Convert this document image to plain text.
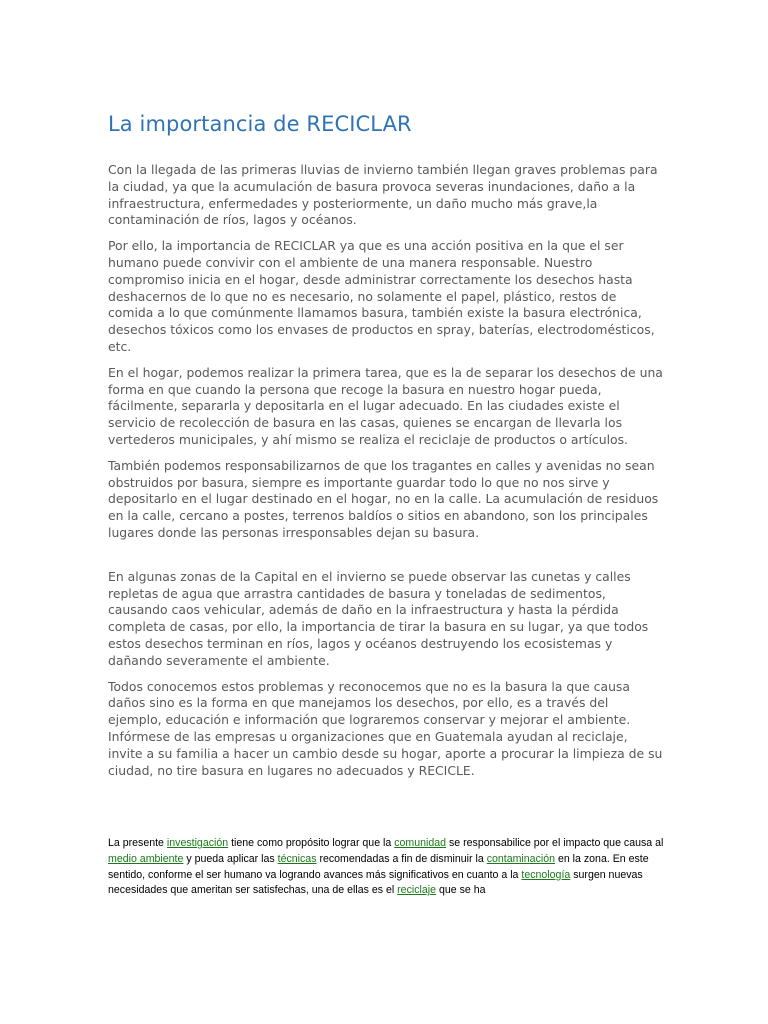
La importancia de RECICLAR

Con la llegada de las primeras lluvias de invierno también llegan graves problemas para la ciudad, ya que la acumulación de basura provoca severas inundaciones, daño a la infraestructura, enfermedades y posteriormente, un daño mucho más grave,la contaminación de ríos, lagos y océanos.

Por ello, la importancia de RECICLAR ya que es una acción positiva en la que el ser humano puede convivir con el ambiente de una manera responsable. Nuestro compromiso inicia en el hogar, desde administrar correctamente los desechos hasta deshacernos de lo que no es necesario, no solamente el papel, plástico, restos de comida a lo que comúnmente llamamos basura, también existe la basura electrónica, desechos tóxicos como los envases de productos en spray, baterías, electrodomésticos, etc.

En el hogar, podemos realizar la primera tarea, que es la de separar los desechos de una forma en que cuando la persona que recoge la basura en nuestro hogar pueda, fácilmente, separarla y depositarla en el lugar adecuado. En las ciudades existe el servicio de recolección de basura en las casas, quienes se encargan de llevarla los vertederos municipales, y ahí mismo se realiza el reciclaje de productos o artículos.

También podemos responsabilizarnos de que los tragantes en calles y avenidas no sean obstruidos por basura, siempre es importante guardar todo lo que no nos sirve y depositarlo en el lugar destinado en el hogar, no en la calle. La acumulación de residuos en la calle, cercano a postes, terrenos baldíos o sitios en abandono, son los principales lugares donde las personas irresponsables dejan su basura.

En algunas zonas de la Capital en el invierno se puede observar las cunetas y calles repletas de agua que arrastra cantidades de basura y toneladas de sedimentos, causando caos vehicular, además de daño en la infraestructura y hasta la pérdida completa de casas, por ello, la importancia de tirar la basura en su lugar, ya que todos estos desechos terminan en ríos, lagos y océanos destruyendo los ecosistemas y dañando severamente el ambiente.

Todos conocemos estos problemas y reconocemos que no es la basura la que causa daños sino es la forma en que manejamos los desechos, por ello, es a través del ejemplo, educación e información que lograremos conservar y mejorar el ambiente. Infórmese de las empresas u organizaciones que en Guatemala ayudan al reciclaje, invite a su familia a hacer un cambio desde su hogar, aporte a procurar la limpieza de su ciudad, no tire basura en lugares no adecuados y RECICLE.

La presente investigación tiene como propósito lograr que la comunidad se responsabilice por el impacto que causa al medio ambiente y pueda aplicar las técnicas recomendadas a fin de disminuir la contaminación en la zona. En este sentido, conforme el ser humano va logrando avances más significativos en cuanto a la tecnología surgen nuevas necesidades que ameritan ser satisfechas, una de ellas es el reciclaje que se ha
